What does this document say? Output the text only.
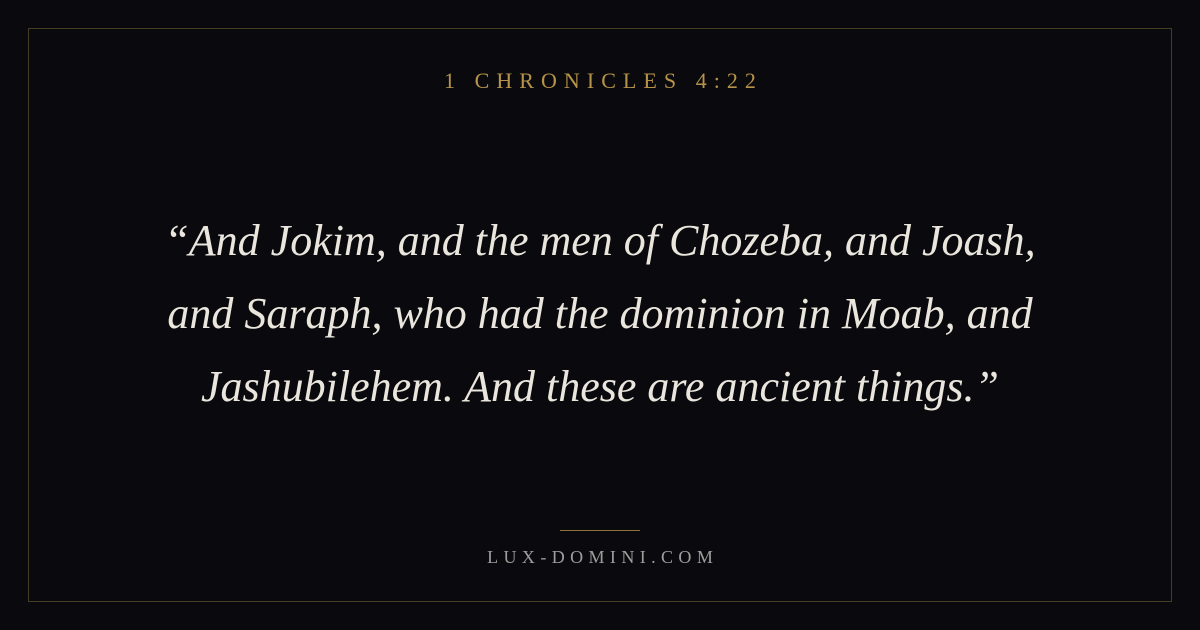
1 CHRONICLES 4:22
“And Jokim, and the men of Chozeba, and Joash,
and Saraph, who had the dominion in Moab, and
Jashubilehem. And these are ancient things.”
LUX-DOMINI.COM
